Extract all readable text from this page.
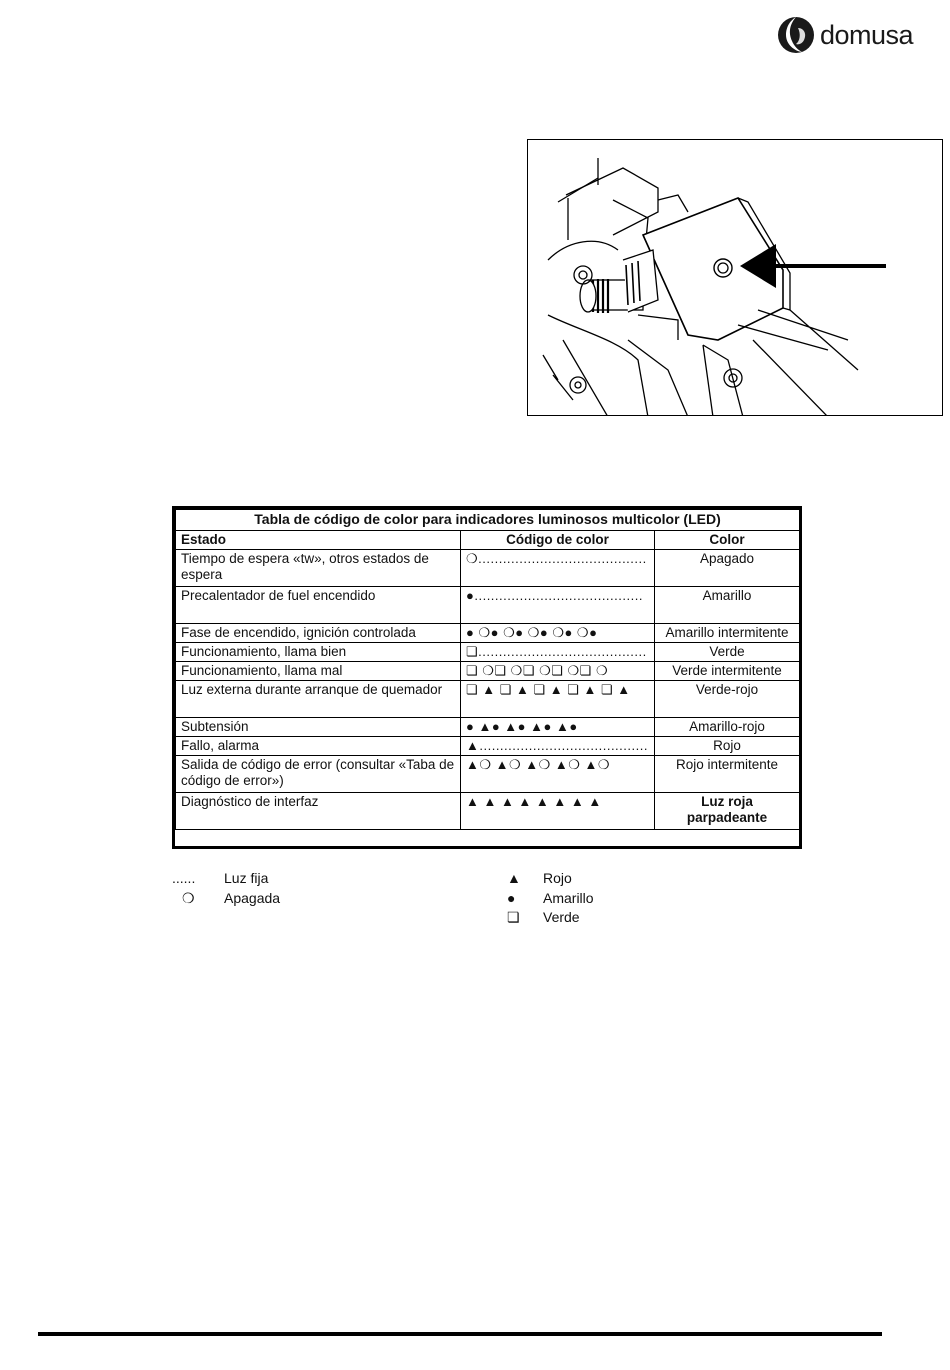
domusa
Tabla de código de color para indicadores luminosos multicolor (LED)		
Estado	Código de color	Color
Tiempo de espera «tw», otros estados de espera	❍.........................................	Apagado
Precalentador de fuel encendido	●.........................................	Amarillo
Fase de encendido, ignición controlada	● ❍● ❍● ❍● ❍● ❍●	Amarillo intermitente
Funcionamiento, llama bien	❏.........................................	Verde
Funcionamiento, llama mal	❏ ❍❏ ❍❏ ❍❏ ❍❏ ❍	Verde intermitente
Luz externa durante arranque de quemador	❏ ▲ ❏ ▲ ❏ ▲ ❏ ▲ ❏ ▲	Verde-rojo
Subtensión	● ▲● ▲● ▲● ▲●	Amarillo-rojo
Fallo, alarma	▲.........................................	Rojo
Salida de código de error (consultar «Taba de código de error»)	▲❍ ▲❍ ▲❍ ▲❍ ▲❍	Rojo intermitente
Diagnóstico de interfaz	▲ ▲ ▲ ▲ ▲ ▲ ▲ ▲	Luz roja parpadeante
......	Luz fija
❍	Apagada
▲	Rojo
●	Amarillo
❏	Verde
